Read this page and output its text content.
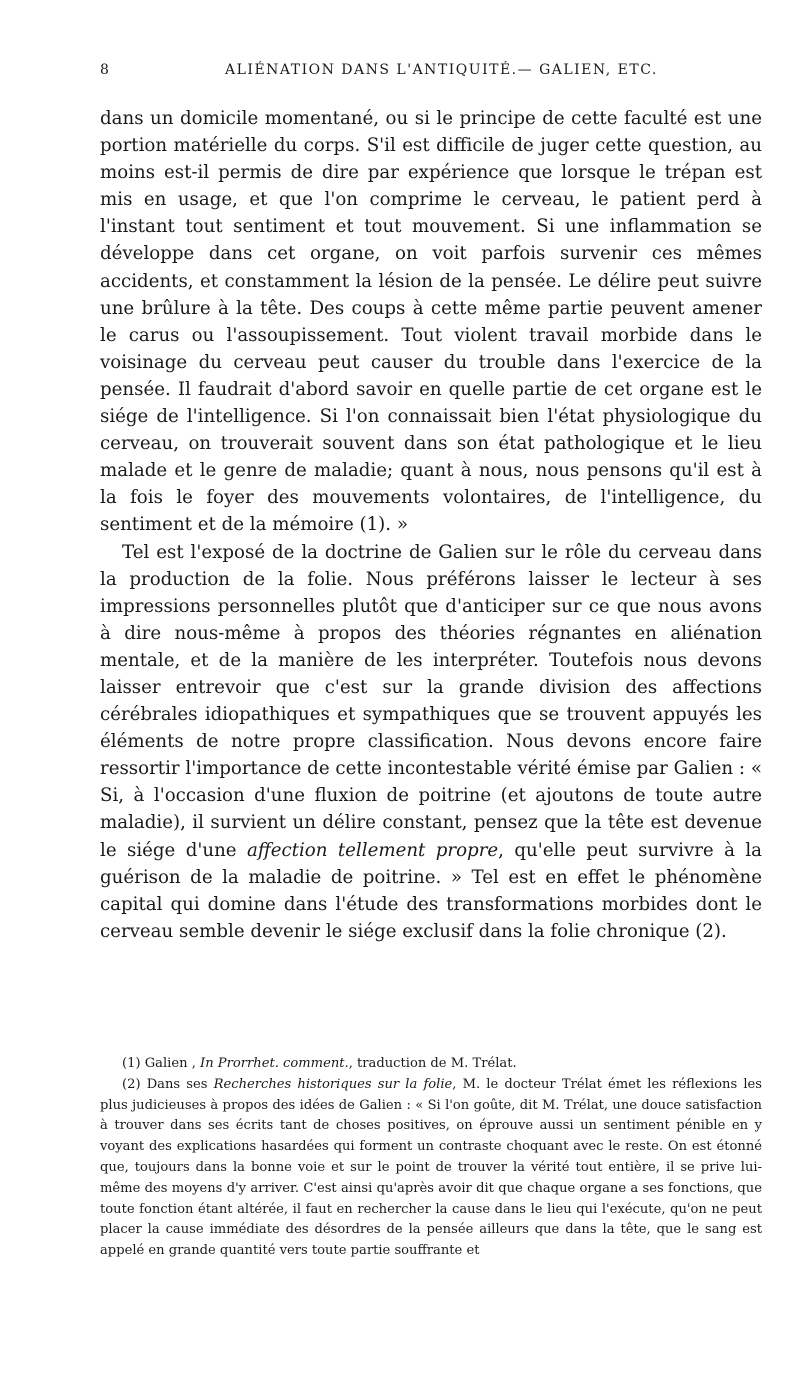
8	ALIÉNATION DANS L'ANTIQUITÉ.— GALIEN, ETC.

dans un domicile momentané, ou si le principe de cette faculté est une portion matérielle du corps. S'il est difficile de juger cette question, au moins est-il permis de dire par expérience que lorsque le trépan est mis en usage, et que l'on comprime le cerveau, le patient perd à l'instant tout sentiment et tout mouvement. Si une inflammation se développe dans cet organe, on voit parfois survenir ces mêmes accidents, et constamment la lésion de la pensée. Le délire peut suivre une brûlure à la tête. Des coups à cette même partie peuvent amener le carus ou l'assoupissement. Tout violent travail morbide dans le voisinage du cerveau peut causer du trouble dans l'exercice de la pensée. Il faudrait d'abord savoir en quelle partie de cet organe est le siége de l'intelligence. Si l'on connaissait bien l'état physiologique du cerveau, on trouverait souvent dans son état pathologique et le lieu malade et le genre de maladie; quant à nous, nous pensons qu'il est à la fois le foyer des mouvements volontaires, de l'intelligence, du sentiment et de la mémoire (1). »

Tel est l'exposé de la doctrine de Galien sur le rôle du cerveau dans la production de la folie. Nous préférons laisser le lecteur à ses impressions personnelles plutôt que d'anticiper sur ce que nous avons à dire nous-même à propos des théories régnantes en aliénation mentale, et de la manière de les interpréter. Toutefois nous devons laisser entrevoir que c'est sur la grande division des affections cérébrales idiopathiques et sympathiques que se trouvent appuyés les éléments de notre propre classification. Nous devons encore faire ressortir l'importance de cette incontestable vérité émise par Galien : « Si, à l'occasion d'une fluxion de poitrine (et ajoutons de toute autre maladie), il survient un délire constant, pensez que la tête est devenue le siége d'une affection tellement propre, qu'elle peut survivre à la guérison de la maladie de poitrine. » Tel est en effet le phénomène capital qui domine dans l'étude des transformations morbides dont le cerveau semble devenir le siége exclusif dans la folie chronique (2).

(1) Galien , In Prorrhet. comment., traduction de M. Trélat.

(2) Dans ses Recherches historiques sur la folie, M. le docteur Trélat émet les réflexions les plus judicieuses à propos des idées de Galien : « Si l'on goûte, dit M. Trélat, une douce satisfaction à trouver dans ses écrits tant de choses positives, on éprouve aussi un sentiment pénible en y voyant des explications hasardées qui forment un contraste choquant avec le reste. On est étonné que, toujours dans la bonne voie et sur le point de trouver la vérité tout entière, il se prive lui-même des moyens d'y arriver. C'est ainsi qu'après avoir dit que chaque organe a ses fonctions, que toute fonction étant altérée, il faut en rechercher la cause dans le lieu qui l'exécute, qu'on ne peut placer la cause immédiate des désordres de la pensée ailleurs que dans la tête, que le sang est appelé en grande quantité vers toute partie souffrante et
